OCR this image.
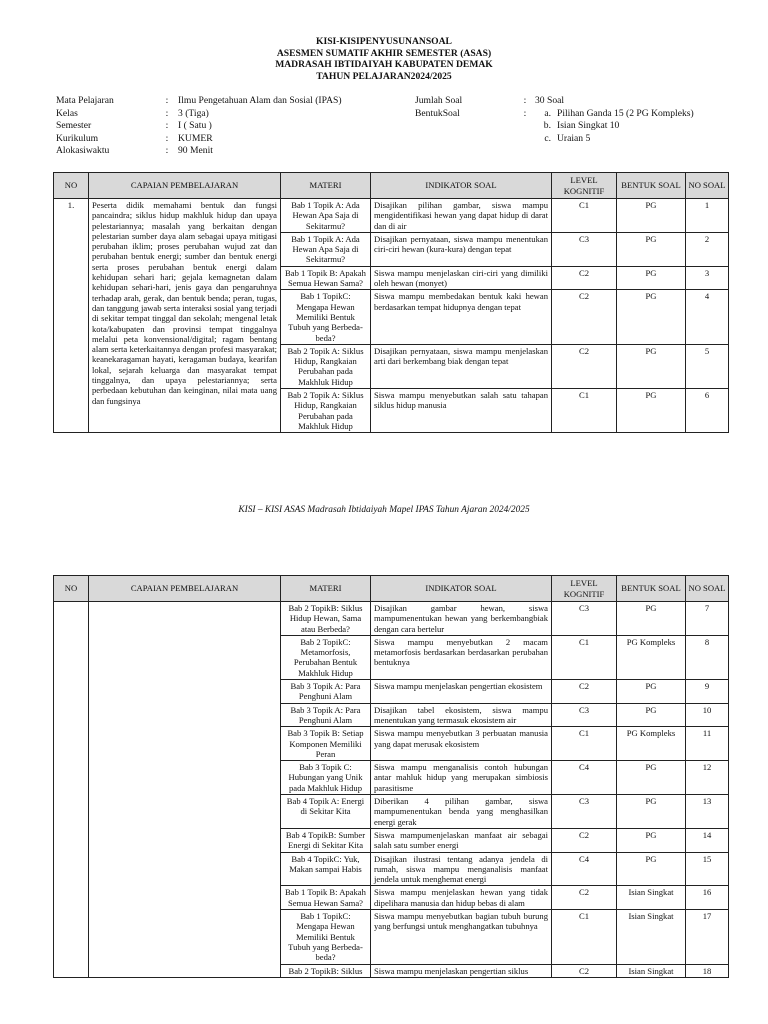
KISI-KISIPENYUSUNANSOAL
ASESMEN SUMATIF AKHIR SEMESTER (ASAS)
MADRASAH IBTIDAIYAH KABUPATEN DEMAK
TAHUN PELAJARAN2024/2025
Mata Pelajaran	: Ilmu Pengetahuan Alam dan Sosial (IPAS)
Kelas	: 3 (Tiga)
Semester	: I ( Satu )
Kurikulum	: KUMER
Alokasiwaktu	: 90 Menit
Jumlah Soal	: 30 Soal
BentukSoal	: a. Pilihan Ganda 15 (2 PG Kompleks)
b. Isian Singkat 10
c. Uraian 5
NO	CAPAIAN PEMBELAJARAN	MATERI	INDIKATOR SOAL	LEVEL KOGNITIF	BENTUK SOAL	NO SOAL
1.	Peserta didik memahami bentuk dan fungsi pancaindra; siklus hidup makhluk hidup dan upaya pelestariannya; masalah yang berkaitan dengan pelestarian sumber daya alam sebagai upaya mitigasi perubahan iklim; proses perubahan wujud zat dan perubahan bentuk energi; sumber dan bentuk energi serta proses perubahan bentuk energi dalam kehidupan sehari hari; gejala kemagnetan dalam kehidupan sehari-hari, jenis gaya dan pengaruhnya terhadap arah, gerak, dan bentuk benda; peran, tugas, dan tanggung jawab serta interaksi sosial yang terjadi di sekitar tempat tinggal dan sekolah; mengenal letak kota/kabupaten dan provinsi tempat tinggalnya melalui peta konvensional/digital; ragam bentang alam serta keterkaitannya dengan profesi masyarakat; keanekaragaman hayati, keragaman budaya, kearifan lokal, sejarah keluarga dan masyarakat tempat tinggalnya, dan upaya pelestariannya; serta perbedaan kebutuhan dan keinginan, nilai mata uang dan fungsinya	Bab 1 Topik A: Ada Hewan Apa Saja di Sekitarmu?	Disajikan pilihan gambar, siswa mampu mengidentifikasi hewan yang dapat hidup di darat dan di air	C1	PG	1
		Bab 1 Topik A: Ada Hewan Apa Saja di Sekitarmu?	Disajikan pernyataan, siswa mampu menentukan ciri-ciri hewan (kura-kura) dengan tepat	C3	PG	2
		Bab 1 Topik B: Apakah Semua Hewan Sama?	Siswa mampu menjelaskan ciri-ciri yang dimiliki oleh hewan (monyet)	C2	PG	3
		Bab 1 TopikC: Mengapa Hewan Memiliki Bentuk Tubuh yang Berbeda-beda?	Siswa mampu membedakan bentuk kaki hewan berdasarkan tempat hidupnya dengan tepat	C2	PG	4
		Bab 2 Topik A: Siklus Hidup, Rangkaian Perubahan pada Makhluk Hidup	Disajikan pernyataan, siswa mampu menjelaskan arti dari berkembang biak dengan tepat	C2	PG	5
		Bab 2 Topik A: Siklus Hidup, Rangkaian Perubahan pada Makhluk Hidup	Siswa mampu menyebutkan salah satu tahapan siklus hidup manusia	C1	PG	6
KISI – KISI ASAS Madrasah Ibtidaiyah Mapel IPAS Tahun Ajaran 2024/2025
NO	CAPAIAN PEMBELAJARAN	MATERI	INDIKATOR SOAL	LEVEL KOGNITIF	BENTUK SOAL	NO SOAL
		Bab 2 TopikB: Siklus Hidup Hewan, Sama atau Berbeda?	Disajikan gambar hewan, siswa mampumenentukan hewan yang berkembangbiak dengan cara bertelur	C3	PG	7
		Bab 2 TopikC: Metamorfosis, Perubahan Bentuk Makhluk Hidup	Siswa mampu menyebutkan 2 macam metamorfosis berdasarkan berdasarkan perubahan bentuknya	C1	PG Kompleks	8
		Bab 3 Topik A: Para Penghuni Alam	Siswa mampu menjelaskan pengertian ekosistem	C2	PG	9
		Bab 3 Topik A: Para Penghuni Alam	Disajikan tabel ekosistem, siswa mampu menentukan yang termasuk ekosistem air	C3	PG	10
		Bab 3 Topik B: Setiap Komponen Memiliki Peran	Siswa mampu menyebutkan 3 perbuatan manusia yang dapat merusak ekosistem	C1	PG Kompleks	11
		Bab 3 Topik C: Hubungan yang Unik pada Makhluk Hidup	Siswa mampu menganalisis contoh hubungan antar mahluk hidup yang merupakan simbiosis parasitisme	C4	PG	12
		Bab 4 Topik A: Energi di Sekitar Kita	Diberikan 4 pilihan gambar, siswa mampumenentukan benda yang menghasilkan energi gerak	C3	PG	13
		Bab 4 TopikB: Sumber Energi di Sekitar Kita	Siswa mampumenjelaskan manfaat air sebagai salah satu sumber energi	C2	PG	14
		Bab 4 TopikC: Yuk, Makan sampai Habis	Disajikan ilustrasi tentang adanya jendela di rumah, siswa mampu menganalisis manfaat jendela untuk menghemat energi	C4	PG	15
		Bab 1 Topik B: Apakah Semua Hewan Sama?	Siswa mampu menjelaskan hewan yang tidak dipelihara manusia dan hidup bebas di alam	C2	Isian Singkat	16
		Bab 1 TopikC: Mengapa Hewan Memiliki Bentuk Tubuh yang Berbeda-beda?	Siswa mampu menyebutkan bagian tubuh burung yang berfungsi untuk menghangatkan tubuhnya	C1	Isian Singkat	17
		Bab 2 TopikB: Siklus	Siswa mampu menjelaskan pengertian siklus	C2	Isian Singkat	18
